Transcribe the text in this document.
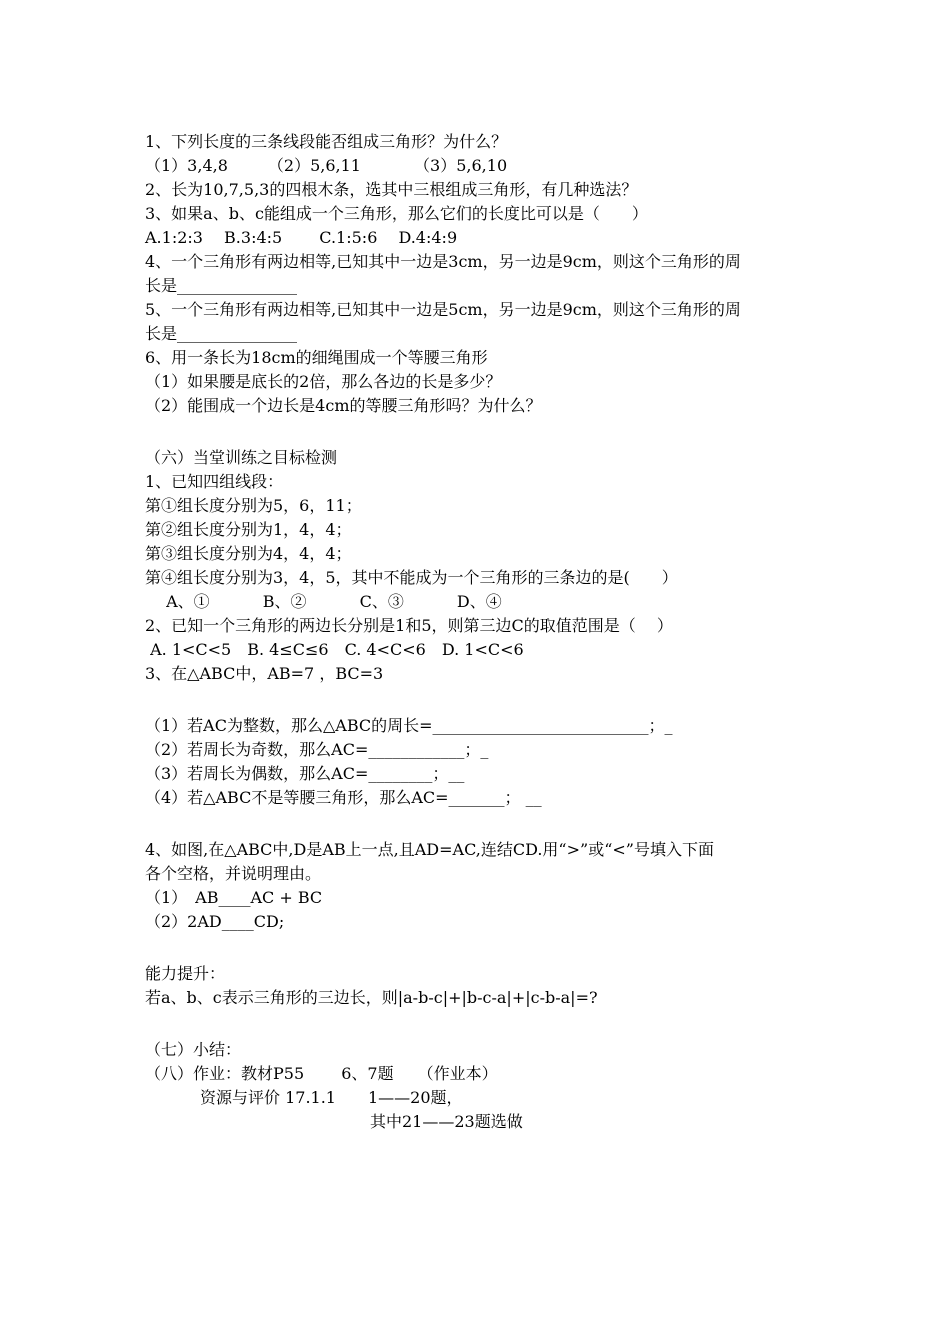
1、下列长度的三条线段能否组成三角形？为什么？
（1）3,4,8　　　（2）5,6,11　　　 （3）5,6,10
2、长为10,7,5,3的四根木条，选其中三根组成三角形，有几种选法？
3、如果a、b、c能组成一个三角形，那么它们的长度比可以是（　　）
A.1:2:3　 B.3:4:5　　 C.1:5:6　 D.4:4:9
4、一个三角形有两边相等,已知其中一边是3cm，另一边是9cm，则这个三角形的周
长是_______________
5、一个三角形有两边相等,已知其中一边是5cm，另一边是9cm，则这个三角形的周
长是_______________
6、用一条长为18cm的细绳围成一个等腰三角形
（1）如果腰是底长的2倍，那么各边的长是多少？
（2）能围成一个边长是4cm的等腰三角形吗？为什么？
（六）当堂训练之目标检测
1、已知四组线段：
第①组长度分别为5，6，11；
第②组长度分别为1，4，4；
第③组长度分别为4，4，4；
第④组长度分别为3，4，5，其中不能成为一个三角形的三条边的是(　　）
　 A、①　　　 B、②　　　 C、③　　　 D、④
2、已知一个三角形的两边长分别是1和5，则第三边C的取值范围是（　 ）
A. 1<C<5　B. 4≤C≤6　C. 4<C<6　D. 1<C<6
3、在△ABC中，AB=7 ，BC=3
（1）若AC为整数，那么△ABC的周长=___________________________；_
（2）若周长为奇数，那么AC=____________；_
（3）若周长为偶数，那么AC=________；__
（4）若△ABC不是等腰三角形，那么AC=_______； __
4、如图,在△ABC中,D是AB上一点,且AD=AC,连结CD.用“>”或“<”号填入下面
各个空格，并说明理由。
（1）　AB____AC + BC
（2）2AD____CD;
能力提升：
若a、b、c表示三角形的三边长，则|a-b-c|+|b-c-a|+|c-b-a|=?
（七）小结：
（八）作业：教材P55　　 6、7题　　（作业本）
资源与评价 17.1.1　　1——20题，
其中21——23题选做
